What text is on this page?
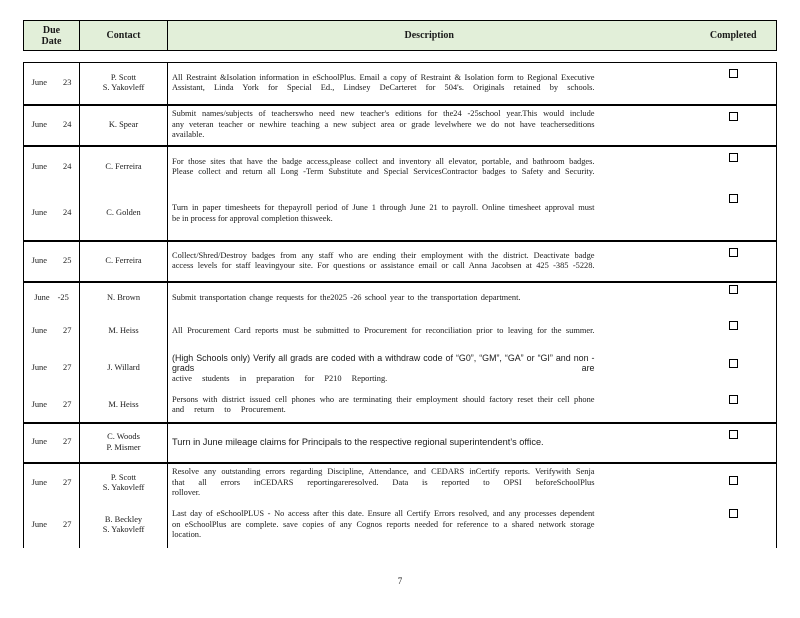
Due
Date	Contact	Description	Completed
June 23	P. Scott
S. Yakovleff	All Restraint &Isolation information in eSchoolPlus. Email a copy of Restraint & Isolation form to Regional Executive
Assistant, Linda York for Special Ed., Lindsey DeCarteret for 504's. Originals retained by schools.	

June 24	K. Spear	Submit names/subjects of teacherswho need new teacher's editions for the24 -25school year.This would include
any veteran teacher or newhire teaching a new subject area or grade levelwhere we do not have teacherseditions
available.	

June 24	C. Ferreira	For those sites that have the badge access,please collect and inventory all elevator, portable, and bathroom badges.
Please collect and return all Long -Term Substitute and Special ServicesContractor badges to Safety and Security.	

June 24	C. Golden	Turn in paper timesheets for thepayroll period of June 1 through June 21 to payroll. Online timesheet approval must
be in process for approval completion thisweek.	

June 25	C. Ferreira	Collect/Shred/Destroy badges from any staff who are ending their employment with the district. Deactivate badge
access levels for staff leavingyour site. For questions or assistance email or call Anna Jacobsen at 425 -385 -5228.	

June -25	N. Brown	Submit transportation change requests for the2025 -26 school year to the transportation department.	

June 27	M. Heiss	All Procurement Card reports must be submitted to Procurement for reconciliation prior to leaving for the summer.	

June 27	J. Willard	(High Schools only) Verify all grads are coded with a withdraw code of “G0”, “GM”, “GA” or “GI” and non -grads are
active students in preparation for P210 Reporting.	

June 27	M. Heiss	Persons with district issued cell phones who are terminating their employment should factory reset their cell phone
and return to Procurement.	

June 27	C. Woods
P. Mismer	Turn in June mileage claims for Principals to the respective regional superintendent’s office.	

June 27	P. Scott
S. Yakovleff	Resolve any outstanding errors regarding Discipline, Attendance, and CEDARS inCertify reports. Verifywith Senja
that all errors inCEDARS reportingareresolved. Data is reported to OPSI beforeSchoolPlus rollover.	

June 27	B. Beckley
S. Yakovleff	Last day of eSchoolPLUS - No access after this date. Ensure all Certify Errors resolved, and any processes dependent
on eSchoolPlus are complete. save copies of any Cognos reports needed for reference to a shared network storage
location.	

7
